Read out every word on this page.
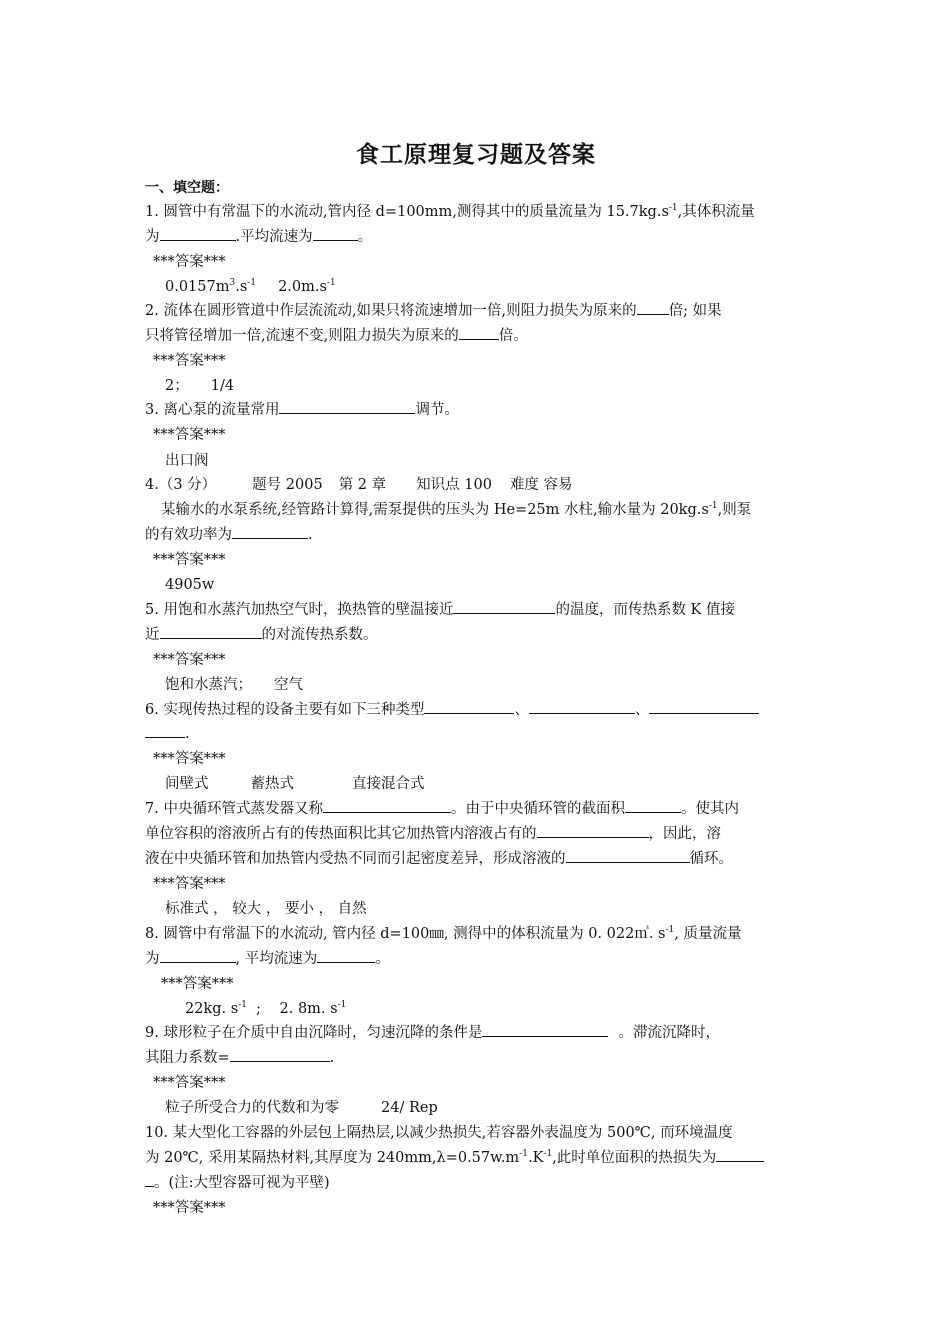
食工原理复习题及答案
一、填空题：
1. 圆管中有常温下的水流动,管内径 d=100mm,测得其中的质量流量为 $15.7kg.s^{-1}$,其体积流量
为	.平均流速为	。
***答案***
$0.0157m^3.s^{-1}$ $2.0m.s^{-1}$
2. 流体在圆形管道中作层流流动,如果只将流速增加一倍,则阻力损失为原来的 倍; 如果
只将管径增加一倍,流速不变,则阻力损失为原来的	倍。
***答案***
2； 1/4
3. 离心泵的流量常用	调节。
***答案***
出口阀
4.（3 分） 题号 2005 第 2 章 知识点 100 难度 容易
某输水的水泵系统,经管路计算得,需泵提供的压头为 He=25m 水柱,输水量为 $20kg.s^{-1}$,则泵
的有效功率为	.
***答案***
4905w
5. 用饱和水蒸汽加热空气时，换热管的壁温接近	的温度，而传热系数 K 值接
近	的对流传热系数。
***答案***
饱和水蒸汽； 空气
6. 实现传热过程的设备主要有如下三种类型	、	、
.
***答案***
间壁式	蓄热式	直接混合式
7. 中央循环管式蒸发器又称	。由于中央循环管的截面积	。使其内
单位容积的溶液所占有的传热面积比其它加热管内溶液占有的	，因此，溶
液在中央循环管和加热管内受热不同而引起密度差异，形成溶液的	循环。
***答案***
标准式 ， 较大 ， 要小 ， 自然
8. 圆管中有常温下的水流动, 管内径 d=100㎜, 测得中的体积流量为 0. 022㎥. $s^{-1}$, 质量流量
为	, 平均流速为	。
***答案***
22kg. $s^{-1}$  ;    2. 8m. $s^{-1}$
9. 球形粒子在介质中自由沉降时，匀速沉降的条件是	。滞流沉降时，
其阻力系数=	.
***答案***
粒子所受合力的代数和为零	24/ Rep
10. 某大型化工容器的外层包上隔热层,以减少热损失,若容器外表温度为 500℃, 而环境温度
为 20℃, 采用某隔热材料,其厚度为 $240mm,\lambda=0.57w.m^{-1}.K^{-1}$,此时单位面积的热损失为
。(注:大型容器可视为平壁)
***答案***
